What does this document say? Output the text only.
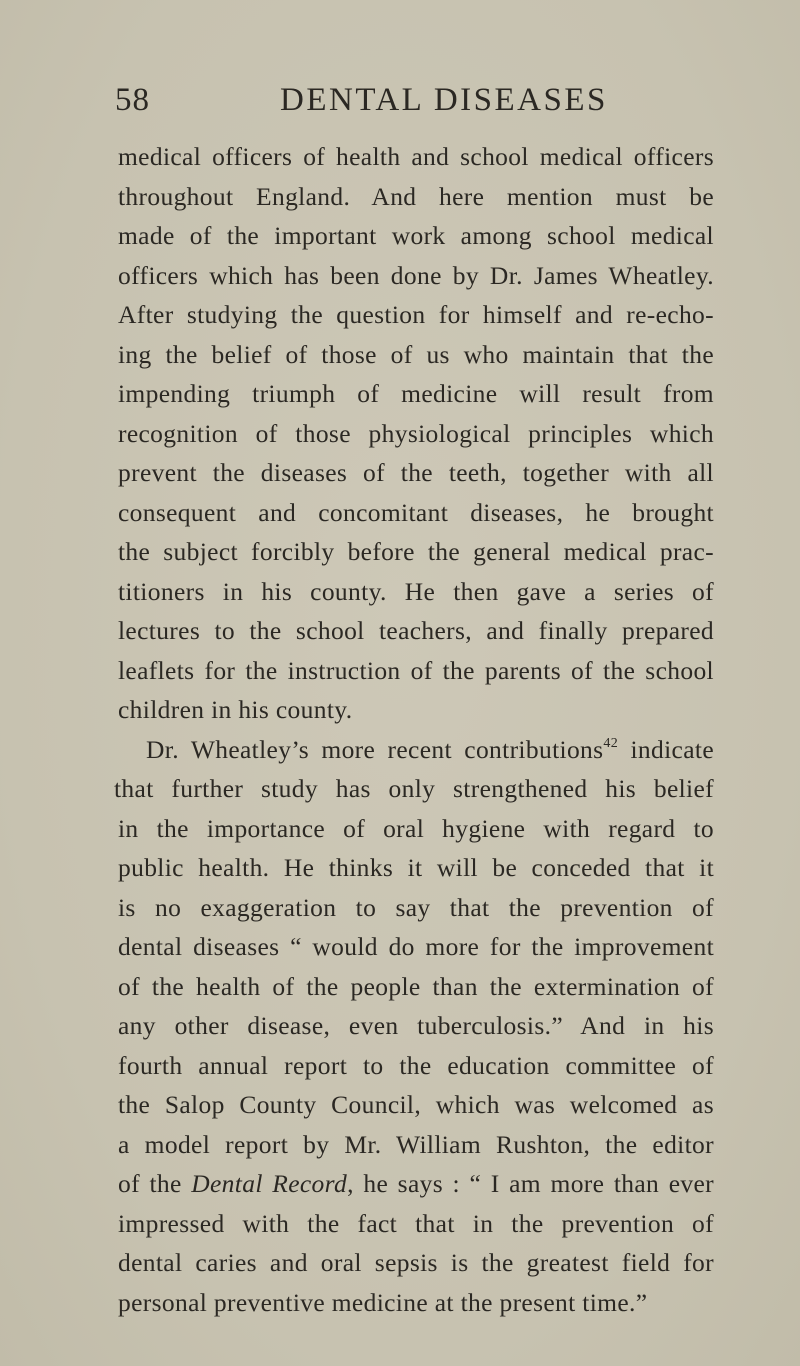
58	DENTAL DISEASES
medical officers of health and school medical officers
throughout England. And here mention must be
made of the important work among school medical
officers which has been done by Dr. James Wheatley.
After studying the question for himself and re-echo-
ing the belief of those of us who maintain that the
impending triumph of medicine will result from
recognition of those physiological principles which
prevent the diseases of the teeth, together with all
consequent and concomitant diseases, he brought
the subject forcibly before the general medical prac-
titioners in his county. He then gave a series of
lectures to the school teachers, and finally prepared
leaflets for the instruction of the parents of the school
children in his county.
Dr. Wheatley’s more recent contributions$^{42}$ indicate
that further study has only strengthened his belief
in the importance of oral hygiene with regard to
public health. He thinks it will be conceded that it
is no exaggeration to say that the prevention of
dental diseases “ would do more for the improvement
of the health of the people than the extermination of
any other disease, even tuberculosis.” And in his
fourth annual report to the education committee of
the Salop County Council, which was welcomed as
a model report by Mr. William Rushton, the editor
of the Dental Record, he says : “ I am more than ever
impressed with the fact that in the prevention of
dental caries and oral sepsis is the greatest field for
personal preventive medicine at the present time.”
